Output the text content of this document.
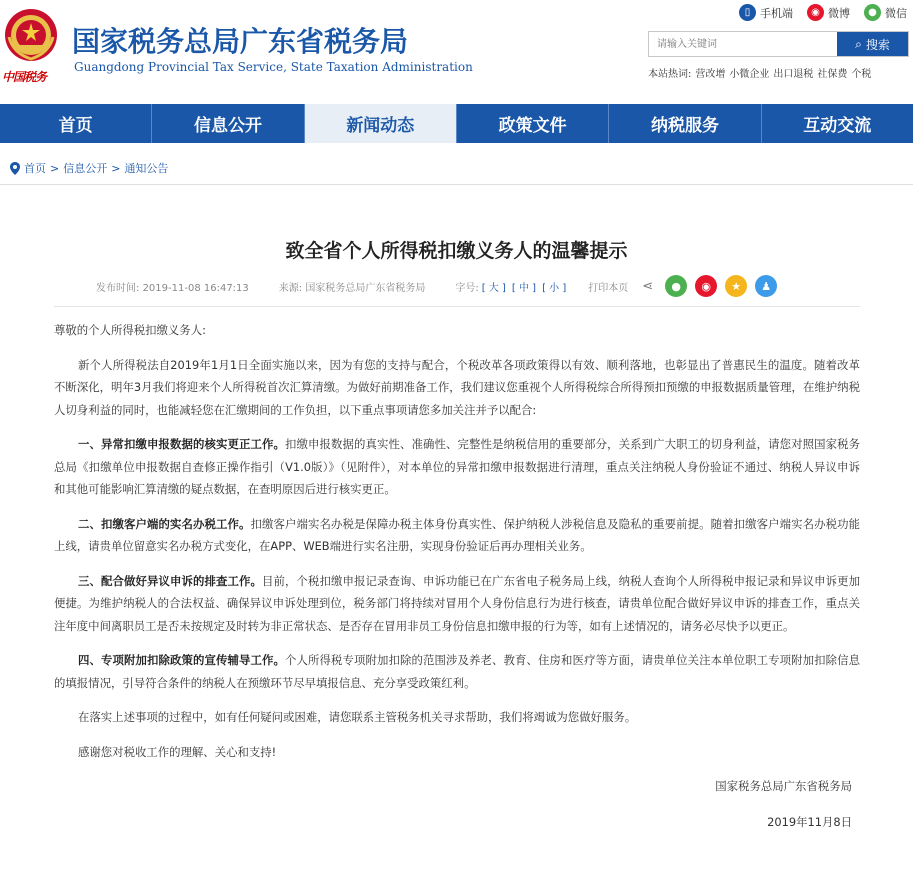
中国税务
国家税务总局广东省税务局
Guangdong Provincial Tax Service, State Taxation Administration
▯ 手机端	◉ 微博	● 微信
请输入关键词
⌕ 搜索
本站热词: 营改增 小微企业 出口退税 社保费 个税
首页	信息公开	新闻动态	政策文件	纳税服务	互动交流
首页 > 信息公开 > 通知公告
致全省个人所得税扣缴义务人的温馨提示
发布时间: 2019-11-08 16:47:13	来源: 国家税务总局广东省税务局	字号: [ 大 ] [ 中 ] [ 小 ] 打印本页 ⋖	●	◉	★	♟
尊敬的个人所得税扣缴义务人:
新个人所得税法自2019年1月1日全面实施以来，因为有您的支持与配合，个税改革各项政策得以有效、顺利落地，也彰显出了普惠民生的温度。随着改革不断深化，明年3月我们将迎来个人所得税首次汇算清缴。为做好前期准备工作，我们建议您重视个人所得税综合所得预扣预缴的申报数据质量管理，在维护纳税人切身利益的同时，也能减轻您在汇缴期间的工作负担，以下重点事项请您多加关注并予以配合:
一、异常扣缴申报数据的核实更正工作。扣缴申报数据的真实性、准确性、完整性是纳税信用的重要部分，关系到广大职工的切身利益，请您对照国家税务总局《扣缴单位申报数据自查修正操作指引（V1.0版）》（见附件），对本单位的异常扣缴申报数据进行清理，重点关注纳税人身份验证不通过、纳税人异议申诉和其他可能影响汇算清缴的疑点数据，在查明原因后进行核实更正。
二、扣缴客户端的实名办税工作。扣缴客户端实名办税是保障办税主体身份真实性、保护纳税人涉税信息及隐私的重要前提。随着扣缴客户端实名办税功能上线，请贵单位留意实名办税方式变化，在APP、WEB端进行实名注册，实现身份验证后再办理相关业务。
三、配合做好异议申诉的排查工作。目前，个税扣缴申报记录查询、申诉功能已在广东省电子税务局上线，纳税人查询个人所得税申报记录和异议申诉更加便捷。为维护纳税人的合法权益、确保异议申诉处理到位，税务部门将持续对冒用个人身份信息行为进行核查，请贵单位配合做好异议申诉的排查工作，重点关注年度中间离职员工是否未按规定及时转为非正常状态、是否存在冒用非员工身份信息扣缴申报的行为等，如有上述情况的，请务必尽快予以更正。
四、专项附加扣除政策的宣传辅导工作。个人所得税专项附加扣除的范围涉及养老、教育、住房和医疗等方面，请贵单位关注本单位职工专项附加扣除信息的填报情况，引导符合条件的纳税人在预缴环节尽早填报信息、充分享受政策红利。
在落实上述事项的过程中，如有任何疑问或困难，请您联系主管税务机关寻求帮助，我们将竭诚为您做好服务。
感谢您对税收工作的理解、关心和支持!
国家税务总局广东省税务局
2019年11月8日
